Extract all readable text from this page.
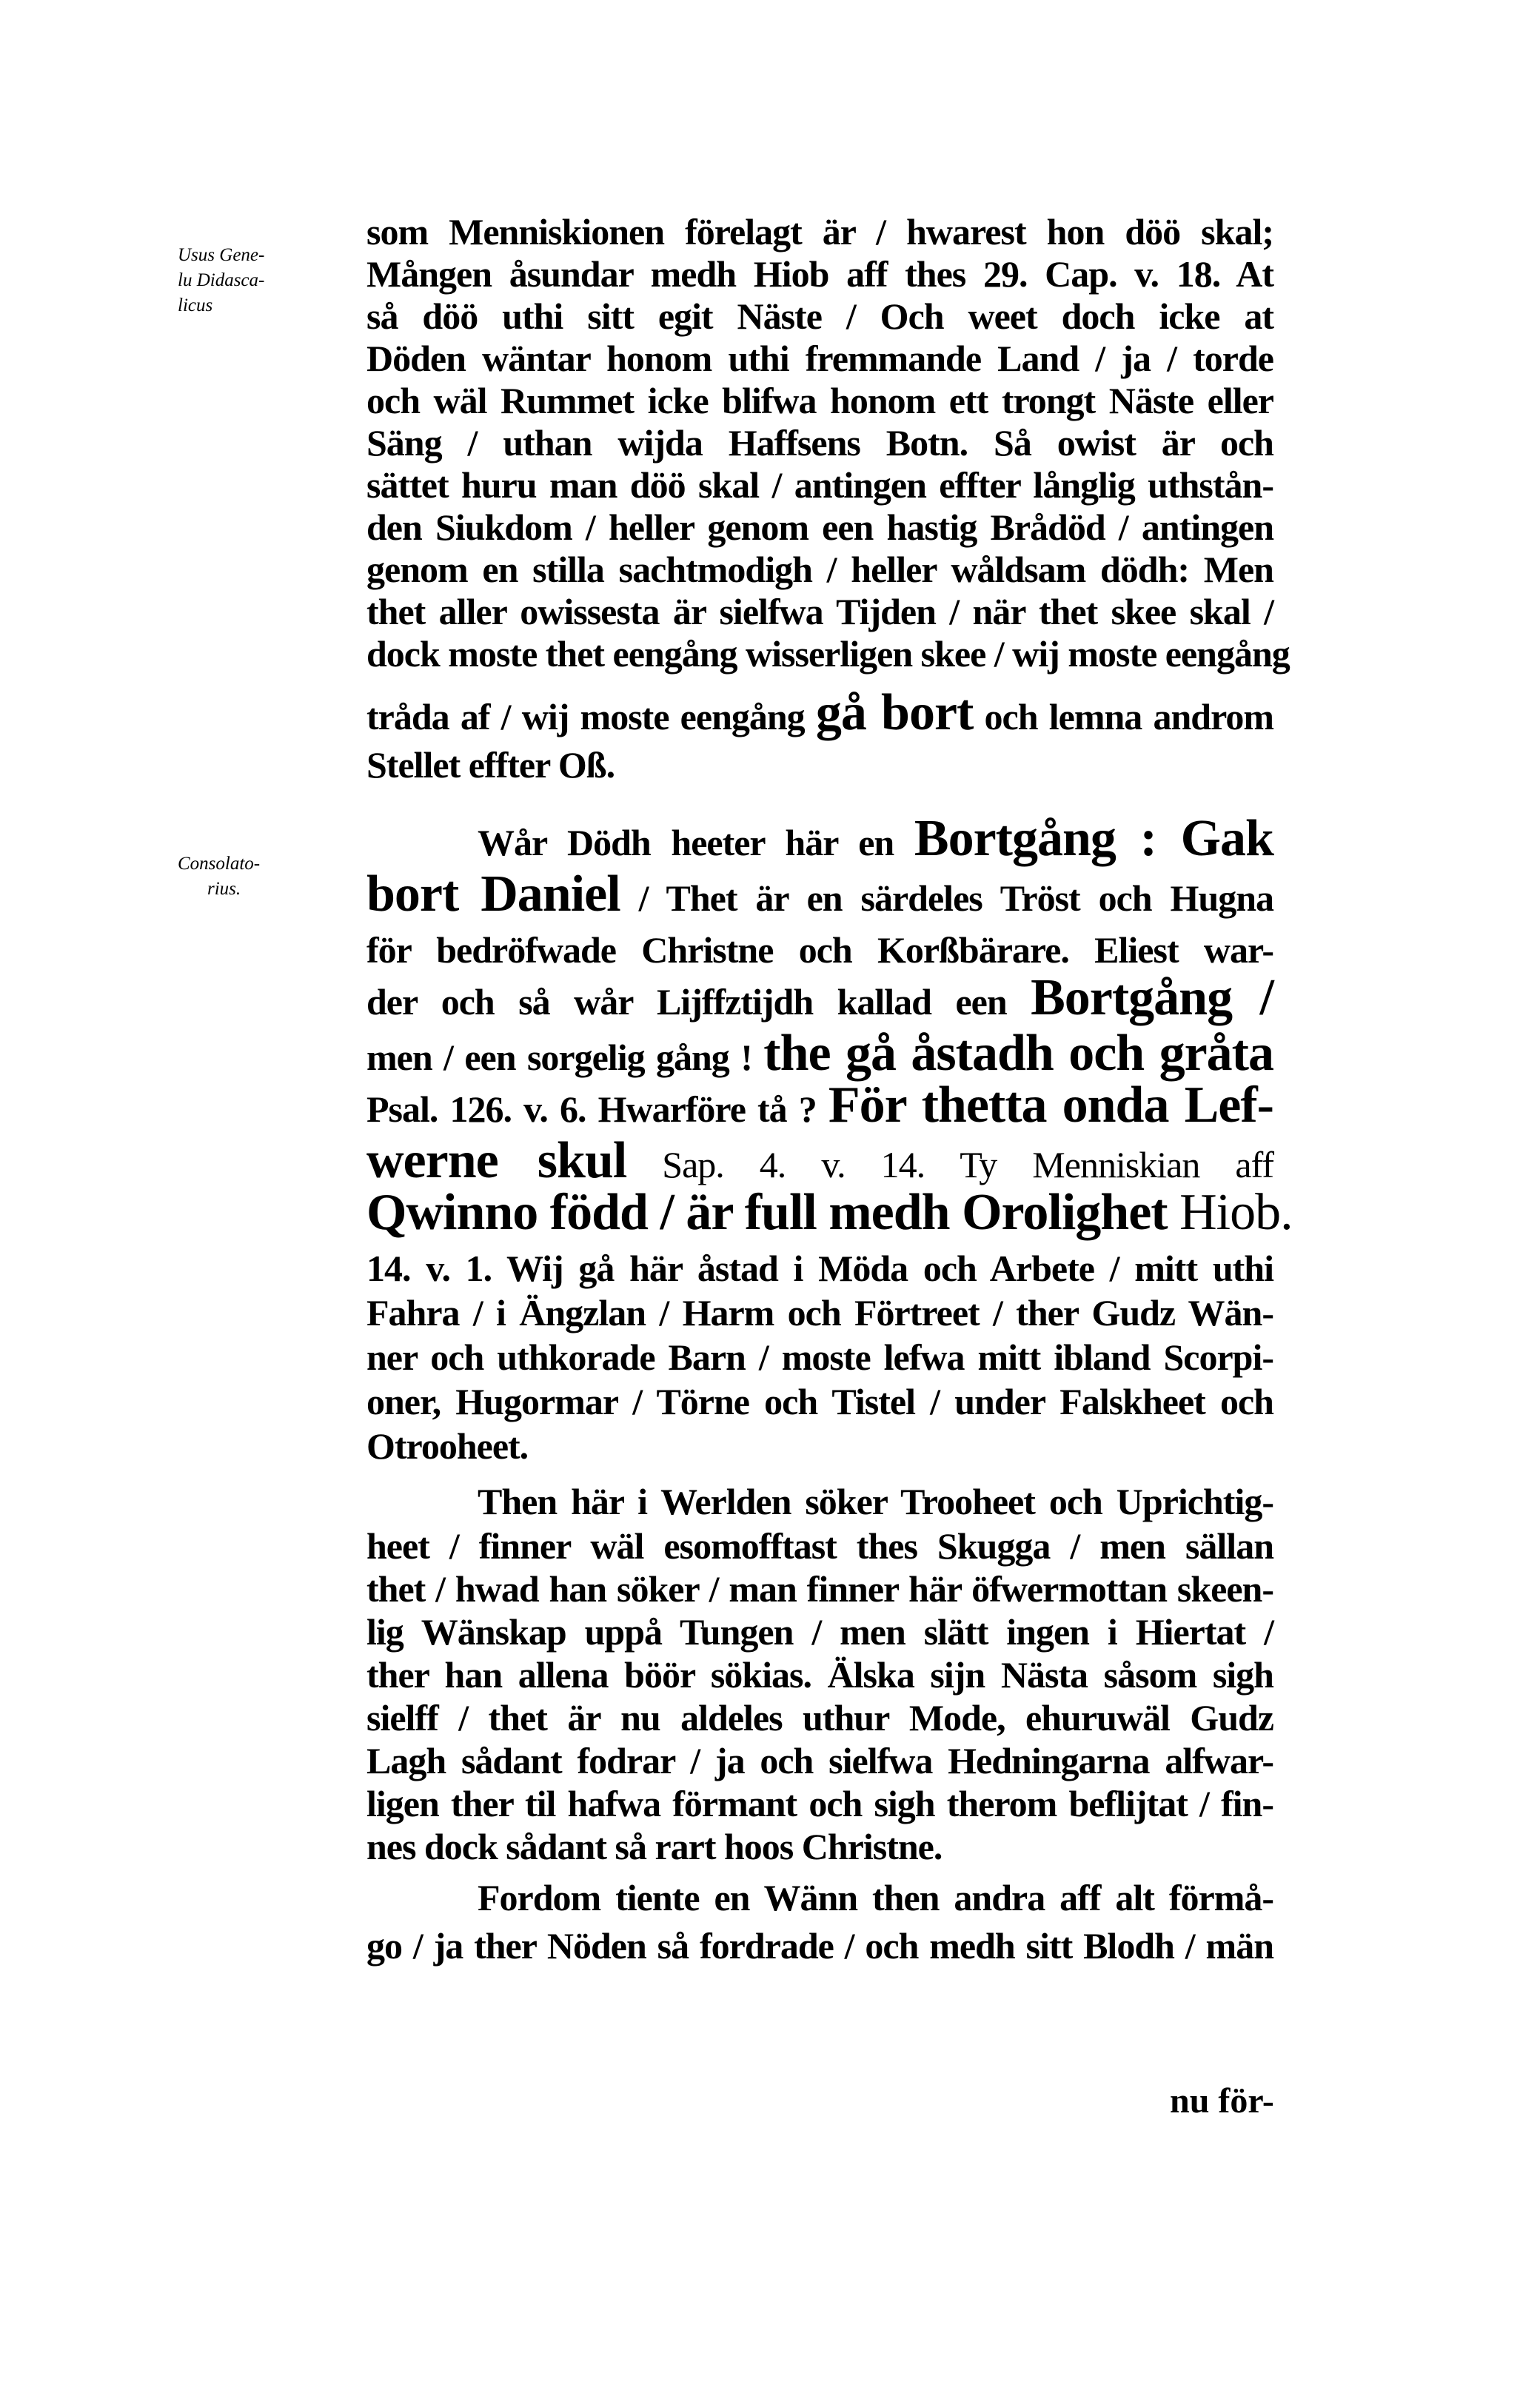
Usus Gene-
lu Didasca-
licus
Consolato-
rius.
som Menniskionen förelagt är / hwarest hon döö skal;
Mången åsundar medh Hiob aff thes 29. Cap. v. 18. At
så döö uthi sitt egit Näste / Och weet doch icke at
Döden wäntar honom uthi fremmande Land / ja / torde
och wäl Rummet icke blifwa honom ett trongt Näste eller
Säng / uthan wijda Haffsens Botn. Så owist är och
sättet huru man döö skal / antingen effter långlig uthstån-
den Siukdom / heller genom een hastig Brådöd / antingen
genom en stilla sachtmodigh / heller wåldsam dödh: Men
thet aller owissesta är sielfwa Tijden / när thet skee skal /
dock moste thet eengång wisserligen skee / wij moste eengång
tråda af / wij moste eengång gå bort och lemna androm
Stellet effter Oß.
Wår Dödh heeter här en Bortgång : Gak
bort Daniel / Thet är en särdeles Tröst och Hugna
för bedröfwade Christne och Korßbärare. Eliest war-
der och så wår Lijffztijdh kallad een Bortgång /
men / een sorgelig gång ! the gå åstadh och gråta
Psal. 126. v. 6. Hwarföre tå ? För thetta onda Lef-
werne skul Sap. 4. v. 14. Ty Menniskian aff
Qwinno född / är full medh Orolighet Hiob.
14. v. 1. Wij gå här åstad i Möda och Arbete / mitt uthi
Fahra / i Ängzlan / Harm och Förtreet / ther Gudz Wän-
ner och uthkorade Barn / moste lefwa mitt ibland Scorpi-
oner, Hugormar / Törne och Tistel / under Falskheet och
Otrooheet.
Then här i Werlden söker Trooheet och Uprichtig-
heet / finner wäl esomofftast thes Skugga / men sällan
thet / hwad han söker / man finner här öfwermottan skeen-
lig Wänskap uppå Tungen / men slätt ingen i Hiertat /
ther han allena böör sökias. Älska sijn Nästa såsom sigh
sielff / thet är nu aldeles uthur Mode, ehuruwäl Gudz
Lagh sådant fodrar / ja och sielfwa Hedningarna alfwar-
ligen ther til hafwa förmant och sigh therom beflijtat / fin-
nes dock sådant så rart hoos Christne.
Fordom tiente en Wänn then andra aff alt förmå-
go / ja ther Nöden så fordrade / och medh sitt Blodh / män
nu för-
